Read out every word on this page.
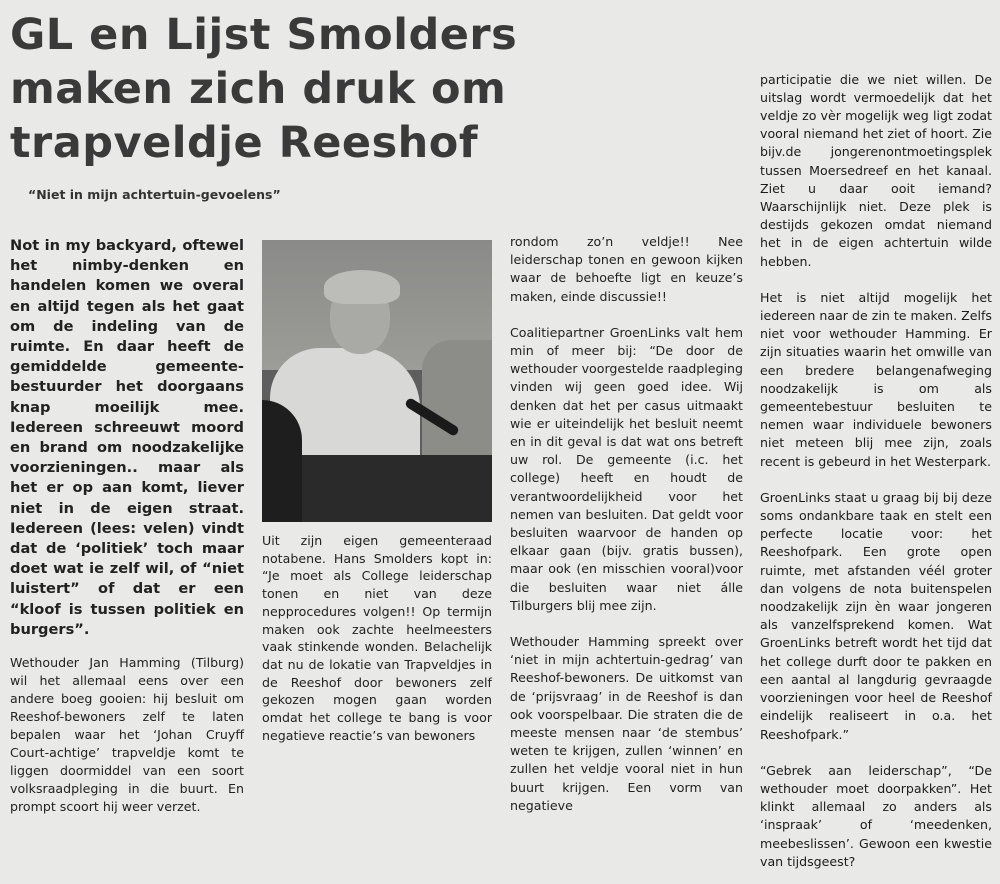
GL en Lijst Smolders
maken zich druk om
trapveldje Reeshof
“Niet in mijn achtertuin-gevoelens”

Not in my backyard, oftewel het nimby-denken en handelen komen we overal en altijd tegen als het gaat om de indeling van de ruimte. En daar heeft de gemiddelde gemeente-bestuurder het doorgaans knap moeilijk mee. Iedereen schreeuwt moord en brand om noodzakelijke voorzieningen.. maar als het er op aan komt, liever niet in de eigen straat. Iedereen (lees: velen) vindt dat de ‘politiek’ toch maar doet wat ie zelf wil, of “niet luistert” of dat er een “kloof is tussen politiek en burgers”.

Wethouder Jan Hamming (Tilburg) wil het allemaal eens over een andere boeg gooien: hij besluit om Reeshof-bewoners zelf te laten bepalen waar het ‘Johan Cruyff Court-achtige’ trapveldje komt te liggen doormiddel van een soort volksraadpleging in die buurt. En prompt scoort hij weer verzet.

Uit zijn eigen gemeenteraad notabene. Hans Smolders kopt in: “Je moet als College leiderschap tonen en niet van deze nepprocedures volgen!! Op termijn maken ook zachte heelmeesters vaak stinkende wonden. Belachelijk dat nu de lokatie van Trapveldjes in de Reeshof door bewoners zelf gekozen mogen gaan worden omdat het college te bang is voor negatieve reactie’s van bewoners

rondom zo’n veldje!! Nee leiderschap tonen en gewoon kijken waar de behoefte ligt en keuze’s maken, einde discussie!!

Coalitiepartner GroenLinks valt hem min of meer bij: “De door de wethouder voorgestelde raadpleging vinden wij geen goed idee. Wij denken dat het per casus uitmaakt wie er uiteindelijk het besluit neemt en in dit geval is dat wat ons betreft uw rol. De gemeente (i.c. het college) heeft en houdt de verantwoordelijkheid voor het nemen van besluiten. Dat geldt voor besluiten waarvoor de handen op elkaar gaan (bijv. gratis bussen), maar ook (en misschien vooral)voor die besluiten waar niet álle Tilburgers blij mee zijn.

Wethouder Hamming spreekt over ‘niet in mijn achtertuin-gedrag’ van Reeshof-bewoners. De uitkomst van de ‘prijsvraag’ in de Reeshof is dan ook voorspelbaar. Die straten die de meeste mensen naar ‘de stembus’ weten te krijgen, zullen ‘winnen’ en zullen het veldje vooral niet in hun buurt krijgen. Een vorm van negatieve

participatie die we niet willen. De uitslag wordt vermoedelijk dat het veldje zo vèr mogelijk weg ligt zodat vooral niemand het ziet of hoort. Zie bijv.de jongerenontmoetingsplek tussen Moersedreef en het kanaal. Ziet u daar ooit iemand? Waarschijnlijk niet. Deze plek is destijds gekozen omdat niemand het in de eigen achtertuin wilde hebben.

Het is niet altijd mogelijk het iedereen naar de zin te maken. Zelfs niet voor wethouder Hamming. Er zijn situaties waarin het omwille van een bredere belangenafweging noodzakelijk is om als gemeentebestuur besluiten te nemen waar individuele bewoners niet meteen blij mee zijn, zoals recent is gebeurd in het Westerpark.

GroenLinks staat u graag bij bij deze soms ondankbare taak en stelt een perfecte locatie voor: het Reeshofpark. Een grote open ruimte, met afstanden véél groter dan volgens de nota buitenspelen noodzakelijk zijn èn waar jongeren als vanzelfsprekend komen. Wat GroenLinks betreft wordt het tijd dat het college durft door te pakken en een aantal al langdurig gevraagde voorzieningen voor heel de Reeshof eindelijk realiseert in o.a. het Reeshofpark.”

“Gebrek aan leiderschap”, “De wethouder moet doorpakken”. Het klinkt allemaal zo anders als ‘inspraak’ of ‘meedenken, meebeslissen’. Gewoon een kwestie van tijdsgeest?
